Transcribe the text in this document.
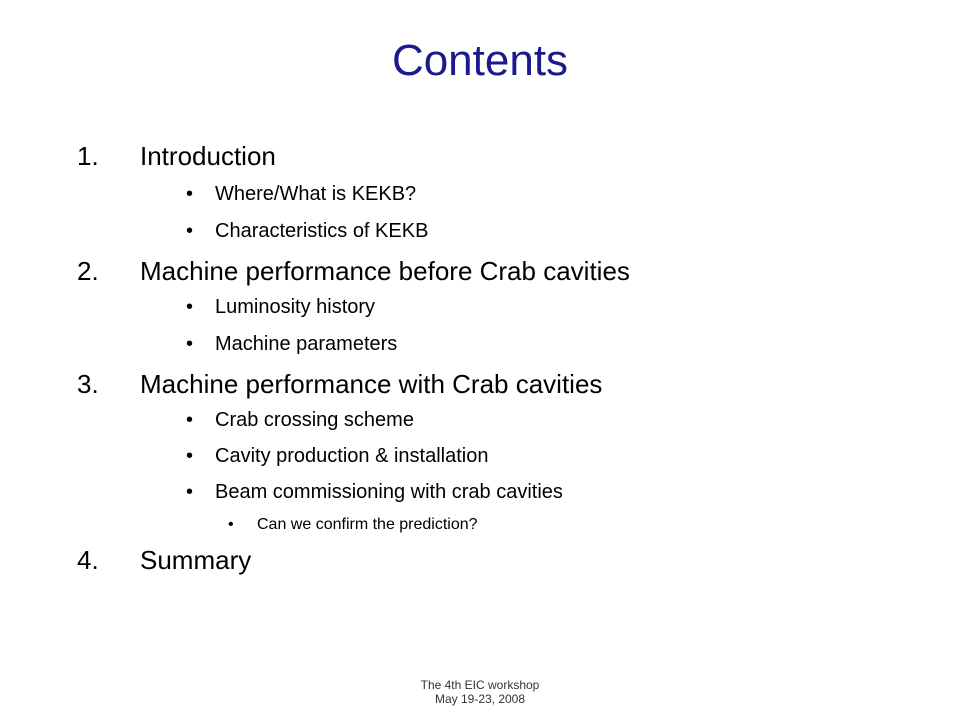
Contents
1. Introduction
• Where/What is KEKB?
• Characteristics of KEKB
2. Machine performance before Crab cavities
• Luminosity history
• Machine parameters
3. Machine performance with Crab cavities
• Crab crossing scheme
• Cavity production & installation
• Beam commissioning with crab cavities
• Can we confirm the prediction?
4. Summary
The 4th EIC workshop
May 19-23, 2008
